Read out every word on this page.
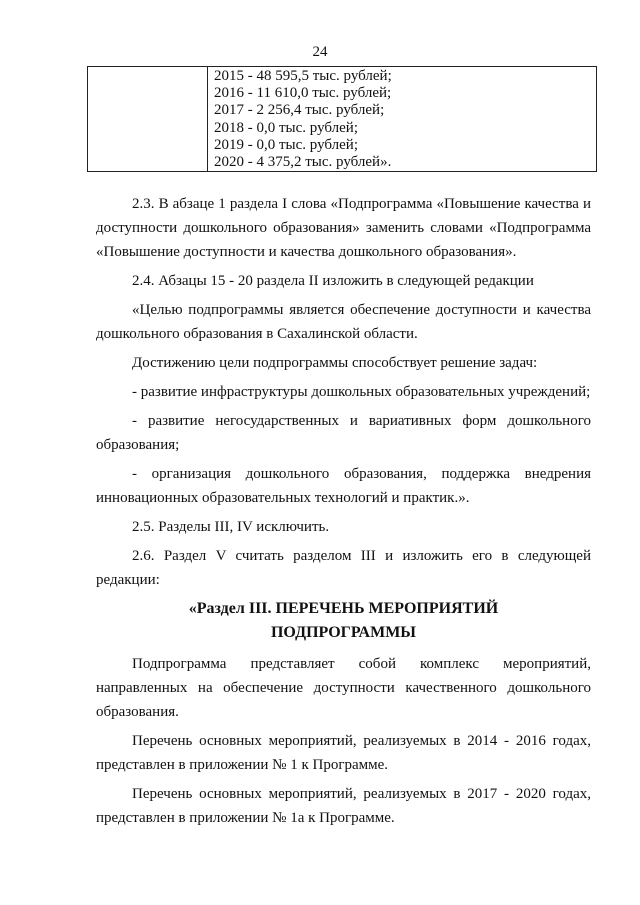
24
2015 - 48 595,5 тыс. рублей;
2016 - 11 610,0 тыс. рублей;
2017 - 2 256,4 тыс. рублей;
2018 - 0,0 тыс. рублей;
2019 - 0,0 тыс. рублей;
2020 - 4 375,2 тыс. рублей».

2.3. В абзаце 1 раздела I слова «Подпрограмма «Повышение качества и доступности дошкольного образования» заменить словами «Подпрограмма «Повышение доступности и качества дошкольного образования».

2.4. Абзацы 15 - 20 раздела II изложить в следующей редакции

«Целью подпрограммы является обеспечение доступности и качества дошкольного образования в Сахалинской области.

Достижению цели подпрограммы способствует решение задач:

- развитие инфраструктуры дошкольных образовательных учреждений;

- развитие негосударственных и вариативных форм дошкольного образования;

- организация дошкольного образования, поддержка внедрения инновационных образовательных технологий и практик.».

2.5. Разделы III, IV исключить.

2.6. Раздел V считать разделом III и изложить его в следующей редакции:

«Раздел III. ПЕРЕЧЕНЬ МЕРОПРИЯТИЙ

ПОДПРОГРАММЫ

Подпрограмма представляет собой комплекс мероприятий, направленных на обеспечение доступности качественного дошкольного образования.

Перечень основных мероприятий, реализуемых в 2014 - 2016 годах, представлен в приложении № 1 к Программе.

Перечень основных мероприятий, реализуемых в 2017 - 2020 годах, представлен в приложении № 1а к Программе.
